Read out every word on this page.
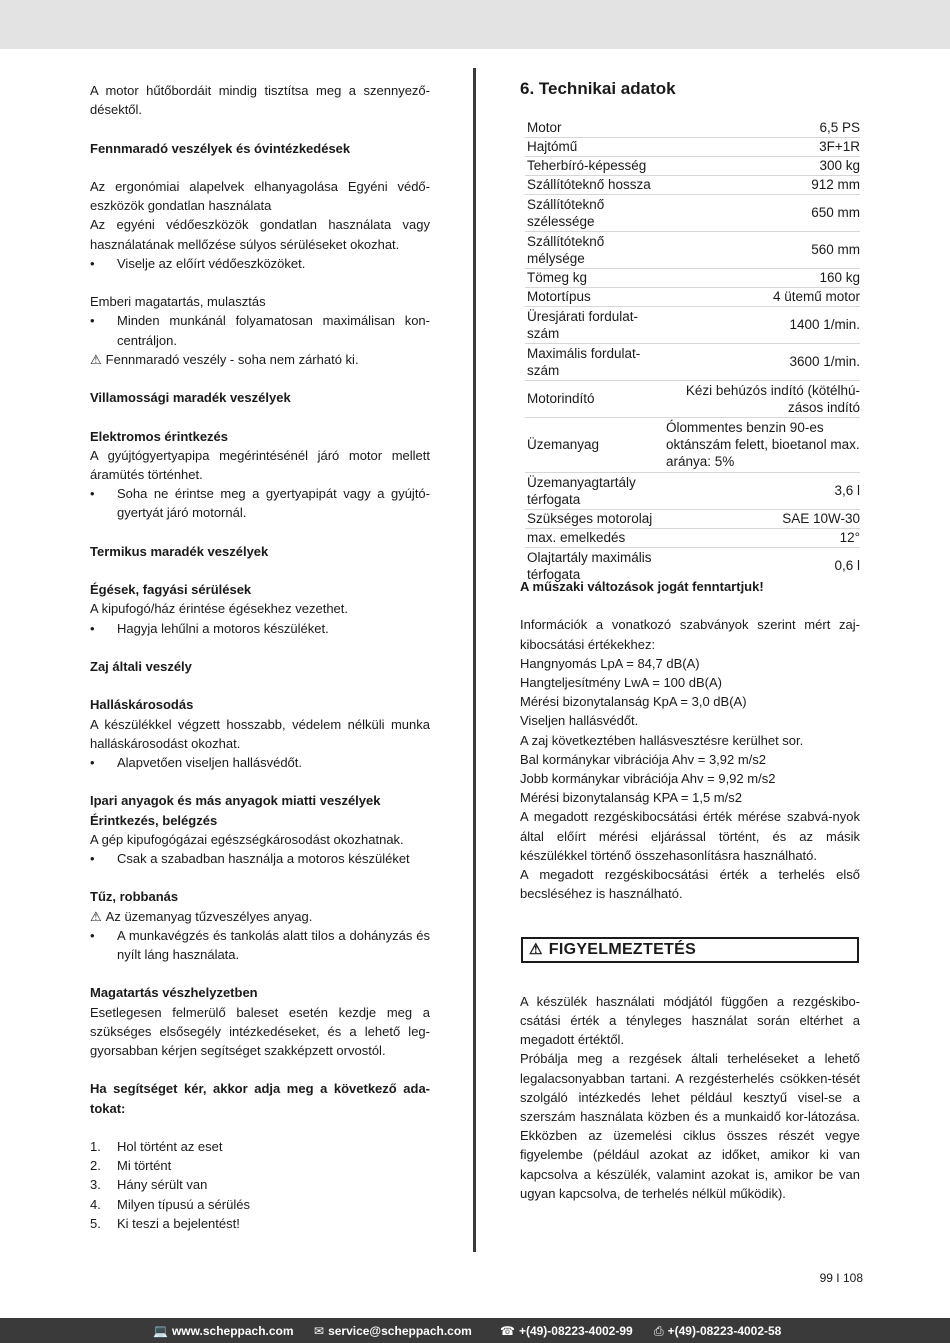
A motor hűtőbordáit mindig tisztítsa meg a szennyező-désektől.

Fennmaradó veszélyek és óvintézkedések

Az ergonómiai alapelvek elhanyagolása Egyéni védő-eszközök gondatlan használata

Az egyéni védőeszközök gondatlan használata vagy használatának mellőzése súlyos sérüléseket okozhat.

• Viselje az előírt védőeszközöket.

Emberi magatartás, mulasztás

• Minden munkánál folyamatosan maximálisan kon-centráljon.

⚠ Fennmaradó veszély - soha nem zárható ki.

Villamossági maradék veszélyek

Elektromos érintkezés

A gyújtógyertyapipa megérintésénél járó motor mellett áramütés történhet.

• Soha ne érintse meg a gyertyapipát vagy a gyújtó-gyertyát járó motornál.

Termikus maradék veszélyek

Égések, fagyási sérülések

A kipufogó/ház érintése égésekhez vezethet.

• Hagyja lehűlni a motoros készüléket.

Zaj általi veszély

Halláskárosodás

A készülékkel végzett hosszabb, védelem nélküli munka halláskárosodást okozhat.

• Alapvetően viseljen hallásvédőt.

Ipari anyagok és más anyagok miatti veszélyek

Érintkezés, belégzés

A gép kipufogógázai egészségkárosodást okozhatnak.

• Csak a szabadban használja a motoros készüléket

Tűz, robbanás

⚠ Az üzemanyag tűzveszélyes anyag.

• A munkavégzés és tankolás alatt tilos a dohányzás és nyílt láng használata.

Magatartás vészhelyzetben

Esetlegesen felmerülő baleset esetén kezdje meg a szükséges elsősegély intézkedéseket, és a lehető leg-gyorsabban kérjen segítséget szakképzett orvostól.

Ha segítséget kér, akkor adja meg a következő ada-tokat:

1. Hol történt az eset

2. Mi történt

3. Hány sérült van

4. Milyen típusú a sérülés

5. Ki teszi a bejelentést!

6. Technikai adatok
Motor	6,5 PS
Hajtómű	3F+1R
Teherbíró-képesség	300 kg
Szállítóteknő hossza	912 mm
Szállítóteknő szélessége	650 mm
Szállítóteknő mélysége	560 mm
Tömeg kg	160 kg
Motortípus	4 ütemű motor
Üresjárati fordulat-szám	1400 1/min.
Maximális fordulat-szám	3600 1/min.
Motorindító	Kézi behúzós indító (kötélhú-zásos indító
Üzemanyag	Ólommentes benzin 90-es oktánszám felett, bioetanol max. aránya: 5%
Üzemanyagtartály térfogata	3,6 l
Szükséges motorolaj	SAE 10W-30
max. emelkedés	12°
Olajtartály maximális térfogata	0,6 l

A műszaki változások jogát fenntartjuk!

Információk a vonatkozó szabványok szerint mért zaj-kibocsátási értékekhez:

Hangnyomás LpA = 84,7 dB(A)

Hangteljesítmény LwA = 100 dB(A)

Mérési bizonytalanság KpA = 3,0 dB(A)

Viseljen hallásvédőt.

A zaj következtében hallásvesztésre kerülhet sor.

Bal kormánykar vibrációja Ahv = 3,92 m/s2

Jobb kormánykar vibrációja Ahv = 9,92 m/s2

Mérési bizonytalanság KPA = 1,5 m/s2

A megadott rezgéskibocsátási érték mérése szabvá-nyok által előírt mérési eljárással történt, és az másik készülékkel történő összehasonlításra használható.

A megadott rezgéskibocsátási érték a terhelés első becsléséhez is használható.

⚠ FIGYELMEZTETÉS

A készülék használati módjától függően a rezgéskibo-csátási érték a tényleges használat során eltérhet a megadott értéktől.

Próbálja meg a rezgések általi terheléseket a lehető legalacsonyabban tartani. A rezgésterhelés csökken-tését szolgáló intézkedés lehet például kesztyű visel-se a szerszám használata közben és a munkaidő kor-látozása. Ekközben az üzemelési ciklus összes részét vegye figyelembe (például azokat az időket, amikor ki van kapcsolva a készülék, valamint azokat is, amikor be van ugyan kapcsolva, de terhelés nélkül működik).

99 I 108
💻 www.scheppach.com ✉ service@scheppach.com ☎ +(49)-08223-4002-99 ⎙ +(49)-08223-4002-58
